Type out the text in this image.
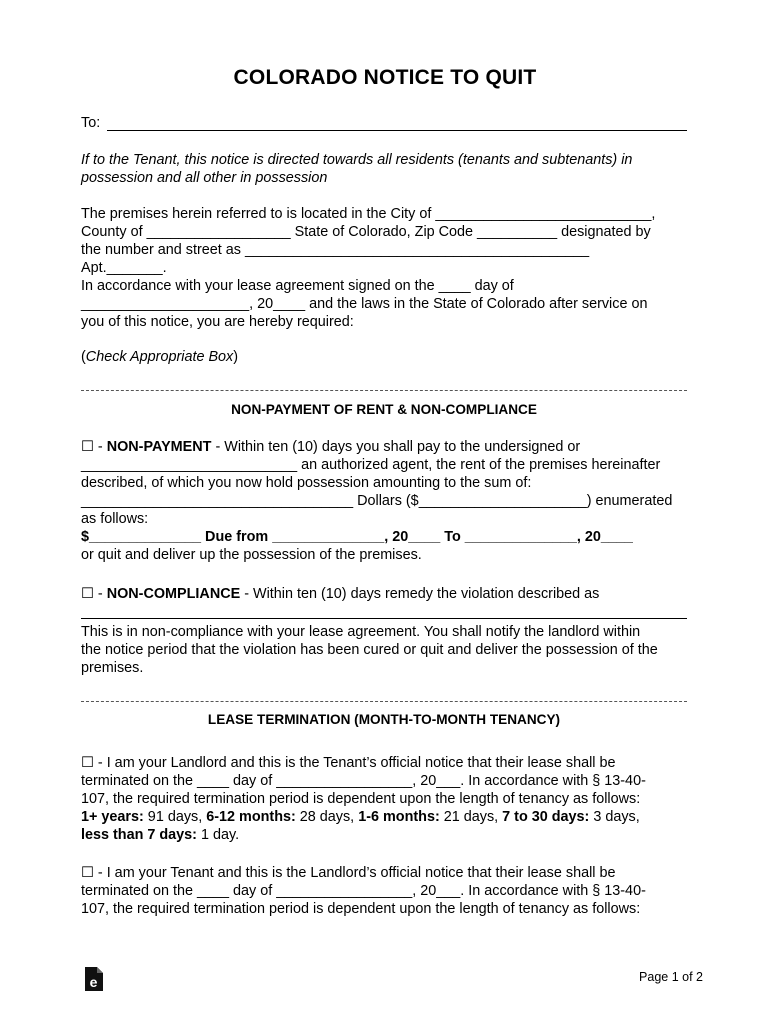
COLORADO NOTICE TO QUIT
To:
If to the Tenant, this notice is directed towards all residents (tenants and subtenants) in
possession and all other in possession
The premises herein referred to is located in the City of ___________________________,
County of __________________ State of Colorado, Zip Code __________ designated by
the number and street as ___________________________________________
Apt._______.
In accordance with your lease agreement signed on the ____ day of
_____________________, 20____ and the laws in the State of Colorado after service on
you of this notice, you are hereby required:
(Check Appropriate Box)
NON-PAYMENT OF RENT & NON-COMPLIANCE
☐ - NON-PAYMENT - Within ten (10) days you shall pay to the undersigned or
___________________________ an authorized agent, the rent of the premises hereinafter
described, of which you now hold possession amounting to the sum of:
__________________________________ Dollars ($_____________________) enumerated
as follows:
$______________ Due from ______________, 20____ To ______________, 20____
or quit and deliver up the possession of the premises.
☐ - NON-COMPLIANCE - Within ten (10) days remedy the violation described as
This is in non-compliance with your lease agreement. You shall notify the landlord within
the notice period that the violation has been cured or quit and deliver the possession of the
premises.
LEASE TERMINATION (MONTH-TO-MONTH TENANCY)
☐ - I am your Landlord and this is the Tenant’s official notice that their lease shall be
terminated on the ____ day of _________________, 20___. In accordance with § 13-40-
107, the required termination period is dependent upon the length of tenancy as follows:
1+ years: 91 days, 6-12 months: 28 days, 1-6 months: 21 days, 7 to 30 days: 3 days,
less than 7 days: 1 day.
☐ - I am your Tenant and this is the Landlord’s official notice that their lease shall be
terminated on the ____ day of _________________, 20___. In accordance with § 13-40-
107, the required termination period is dependent upon the length of tenancy as follows:
e	Page 1 of 2
